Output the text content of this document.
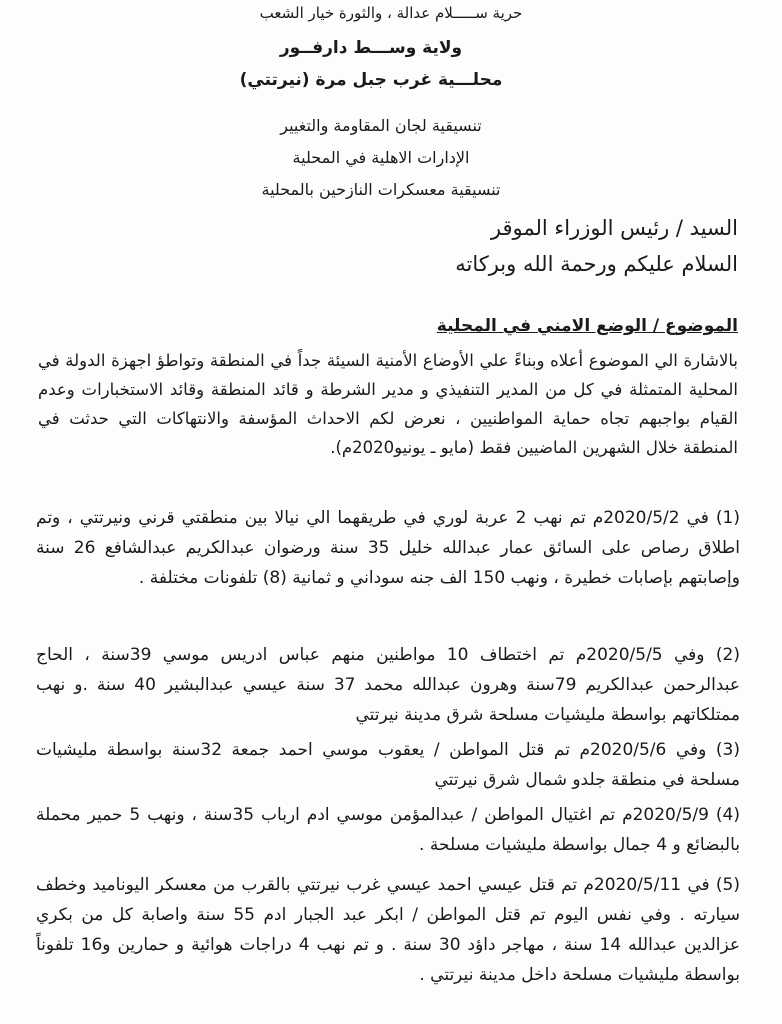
حرية ســـــلام عدالة ، والثورة خيار الشعب
ولاية وســـط دارفــور
محلـــية غرب جبل مرة (نيرتتي)
تنسيقية لجان المقاومة والتغيير
الإدارات الاهلية في المحلية
تنسيقية معسكرات النازحين بالمحلية
السيد / رئيس الوزراء الموقر
السلام عليكم ورحمة الله وبركاته
الموضوع / الوضع الامني في المحلية
بالاشارة الي الموضوع أعلاه وبناءً علي الأوضاع الأمنية السيئة جداً في المنطقة وتواطؤ اجهزة الدولة في المحلية المتمثلة في كل من المدير التنفيذي و مدير الشرطة و قائد المنطقة وقائد الاستخبارات وعدم القيام بواجبهم تجاه حماية المواطنيين ، نعرض لكم الاحداث المؤسفة والانتهاكات التي حدثت في المنطقة خلال الشهرين الماضيين فقط (مايو ـ يونيو2020م).
(1) في 2020/5/2م تم نهب 2 عربة لوري في طريقهما الي نيالا بين منطقتي قرني ونيرتتي ، وتم اطلاق رصاص على السائق عمار عبدالله خليل 35 سنة ورضوان عبدالكريم عبدالشافع 26 سنة وإصابتهم بإصابات خطيرة ، ونهب 150 الف جنه سوداني و ثمانية (8) تلفونات مختلفة .
(2) وفي 2020/5/5م تم اختطاف 10 مواطنين منهم عباس ادريس موسي 39سنة ، الحاج عبدالرحمن عبدالكريم 79سنة وهرون عبدالله محمد 37 سنة عيسي عبدالبشير 40 سنة .و نهب ممتلكاتهم بواسطة مليشيات مسلحة شرق مدينة نيرتتي
(3) وفي 2020/5/6م تم قتل المواطن / يعقوب موسي احمد جمعة 32سنة بواسطة مليشيات مسلحة في منطقة جلدو شمال شرق نيرتتي
(4) 2020/5/9م تم اغتيال المواطن / عبدالمؤمن موسي ادم ارباب 35سنة ، ونهب 5 حمير محملة بالبضائع و 4 جمال بواسطة مليشيات مسلحة .
(5) في 2020/5/11م تم قتل عيسي احمد عيسي غرب نيرتتي بالقرب من معسكر اليوناميد وخطف سيارته . وفي نفس اليوم تم قتل المواطن / ابكر عبد الجبار ادم 55 سنة واصابة كل من بكري عزالدين عبدالله 14 سنة ، مهاجر داؤد 30 سنة . و تم نهب 4 دراجات هوائية و حمارين و16 تلفوناً بواسطة مليشيات مسلحة داخل مدينة نيرتتي .
